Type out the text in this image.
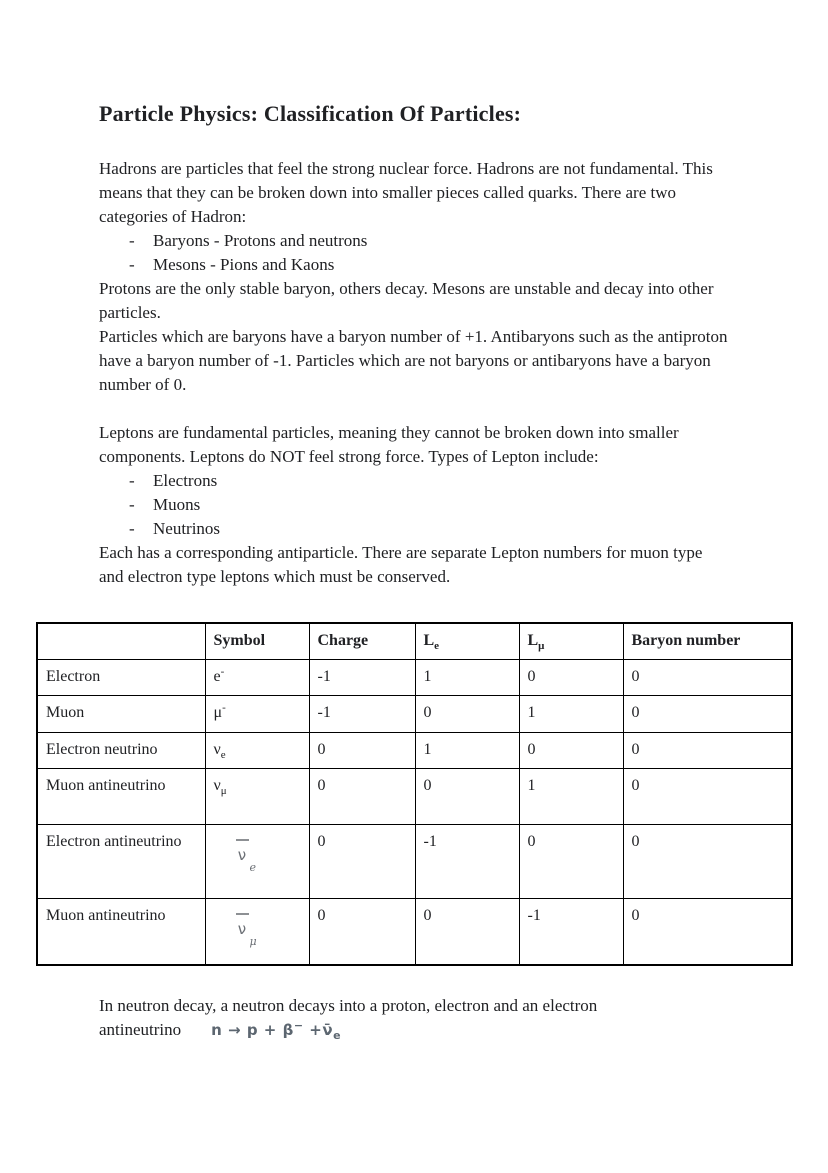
Particle Physics: Classification Of Particles:

Hadrons are particles that feel the strong nuclear force. Hadrons are not fundamental. This means that they can be broken down into smaller pieces called quarks. There are two categories of Hadron:

-	Baryons - Protons and neutrons
-	Mesons - Pions and Kaons

Protons are the only stable baryon, others decay. Mesons are unstable and decay into other particles.

Particles which are baryons have a baryon number of +1. Antibaryons such as the antiproton have a baryon number of -1. Particles which are not baryons or antibaryons have a baryon number of 0.

Leptons are fundamental particles, meaning they cannot be broken down into smaller components. Leptons do NOT feel strong force. Types of Lepton include:

-	Electrons
-	Muons
-	Neutrinos

Each has a corresponding antiparticle. There are separate Lepton numbers for muon type and electron type leptons which must be conserved.

	Symbol	Charge	$L_e$	$L_\mu$	Baryon number
Electron	e-	-1	1	0	0
Muon	μ-	-1	0	1	0
Electron neutrino	$\nu_e$	0	1	0	0
Muon antineutrino	$\nu_\mu$	0	0	1	0
Electron antineutrino	$\nu_e$	0	-1	0	0
Muon antineutrino	$\nu_\mu$	0	0	-1	0
In neutron decay, a neutron decays into a proton, electron and an electron
antineutrino $n \to p + \beta^- +\nū_e$
